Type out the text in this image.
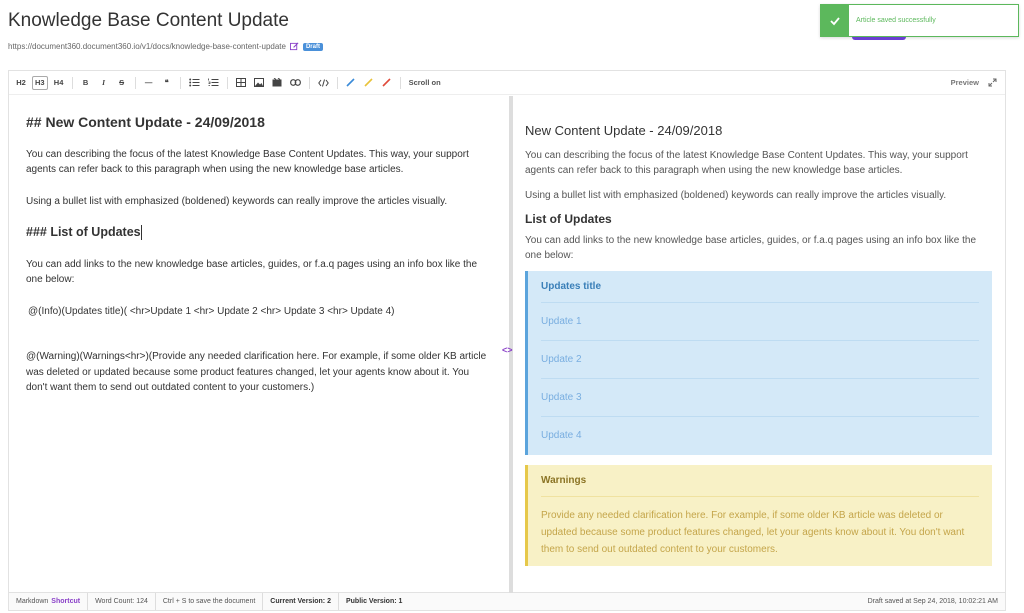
Knowledge Base Content Update
https://document360.document360.io/v1/docs/knowledge-base-content-update	Draft
Article saved successfully
H2	H3	H4	B	I	S	—	❝	Scroll on	Preview
## New Content Update - 24/09/2018

You can describing the focus of the latest Knowledge Base Content Updates. This way, your support agents can refer back to this paragraph when using the new knowledge base articles.

Using a bullet list with emphasized (boldened) keywords can really improve the articles visually.

### List of Updates

You can add links to the new knowledge base articles, guides, or f.a.q pages using an info box like the one below:

@(Info)(Updates title)( <hr>Update 1 <hr> Update 2 <hr> Update 3 <hr> Update 4)

@(Warning)(Warnings<hr>)(Provide any needed clarification here. For example, if some older KB article was deleted or updated because some product features changed, let your agents know about it. You don't want them to send out outdated content to your customers.)

<>
New Content Update - 24/09/2018

You can describing the focus of the latest Knowledge Base Content Updates. This way, your support agents can refer back to this paragraph when using the new knowledge base articles.

Using a bullet list with emphasized (boldened) keywords can really improve the articles visually.

List of Updates

You can add links to the new knowledge base articles, guides, or f.a.q pages using an info box like the one below:

Updates title
Update 1
Update 2
Update 3
Update 4
Warnings

Provide any needed clarification here. For example, if some older KB article was deleted or updated because some product features changed, let your agents know about it. You don't want them to send out outdated content to your customers.

Markdown Shortcut	Word Count: 124	Ctrl + S to save the document	Current Version: 2 Public Version: 1	Draft saved at Sep 24, 2018, 10:02:21 AM
